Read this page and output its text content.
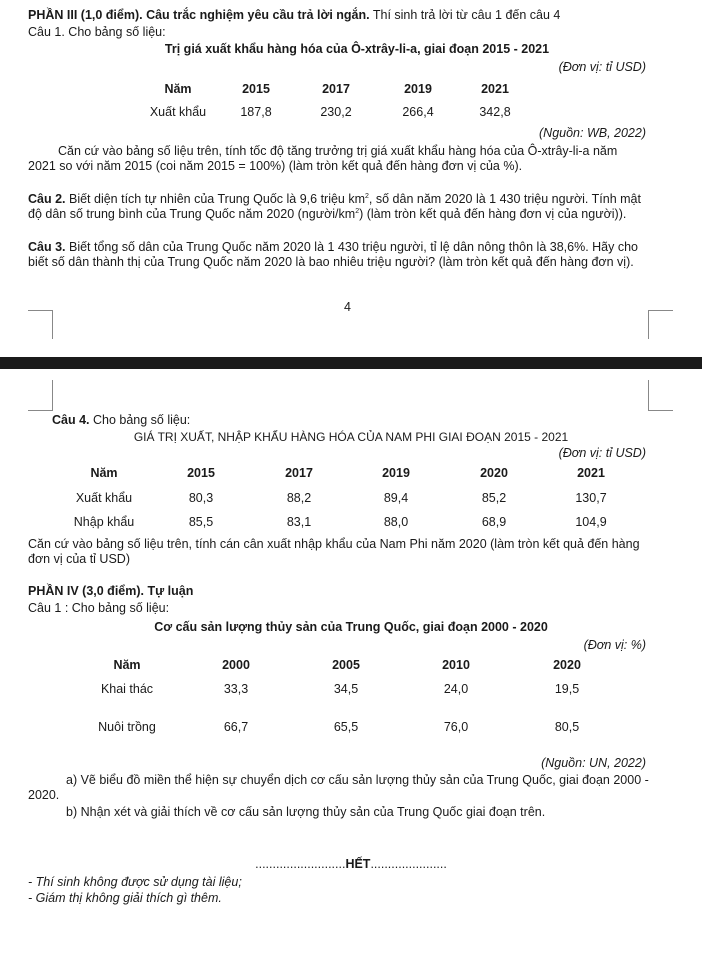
PHẦN III (1,0 điểm). Câu trắc nghiệm yêu cầu trả lời ngắn. Thí sinh trả lời từ câu 1 đến câu 4
Câu 1. Cho bảng số liệu:
Trị giá xuất khẩu hàng hóa của Ô-xtrây-li-a, giai đoạn 2015 - 2021
(Đơn vị: tỉ USD)
Năm	2015	2017	2019	2021
Xuất khẩu	187,8	230,2	266,4	342,8
(Nguồn: WB, 2022)
Căn cứ vào bảng số liệu trên, tính tốc độ tăng trưởng trị giá xuất khẩu hàng hóa của Ô-xtrây-li-a năm 2021 so với năm 2015 (coi năm 2015 = 100%) (làm tròn kết quả đến hàng đơn vị của %).
Câu 2. Biết diện tích tự nhiên của Trung Quốc là 9,6 triệu $km^2$, số dân năm 2020 là 1 430 triệu người. Tính mật độ dân số trung bình của Trung Quốc năm 2020 $(người/km^2)$ (làm tròn kết quả đến hàng đơn vị của người)).
Câu 3. Biết tổng số dân của Trung Quốc năm 2020 là 1 430 triệu người, tỉ lệ dân nông thôn là 38,6%. Hãy cho biết số dân thành thị của Trung Quốc năm 2020 là bao nhiêu triệu người? (làm tròn kết quả đến hàng đơn vị).
4
Câu 4. Cho bảng số liệu:
GIÁ TRỊ XUẤT, NHẬP KHẨU HÀNG HÓA CỦA NAM PHI GIAI ĐOẠN 2015 - 2021
(Đơn vị: tỉ USD)
Năm	2015	2017	2019	2020	2021
Xuất khẩu	80,3	88,2	89,4	85,2	130,7
Nhập khẩu	85,5	83,1	88,0	68,9	104,9
Căn cứ vào bảng số liệu trên, tính cán cân xuất nhập khẩu của Nam Phi năm 2020 (làm tròn kết quả đến hàng đơn vị của tỉ USD)
PHẦN IV (3,0 điểm). Tự luận
Câu 1 : Cho bảng số liệu:
Cơ cấu sản lượng thủy sản của Trung Quốc, giai đoạn 2000 - 2020
(Đơn vị: %)
Năm	2000	2005	2010	2020
Khai thác	33,3	34,5	24,0	19,5
Nuôi trồng	66,7	65,5	76,0	80,5
(Nguồn: UN, 2022)
a) Vẽ biểu đồ miền thể hiện sự chuyển dịch cơ cấu sản lượng thủy sản của Trung Quốc, giai đoạn 2000 - 2020.
b) Nhận xét và giải thích về cơ cấu sản lượng thủy sản của Trung Quốc giai đoạn trên.
..........................HẾT......................
- Thí sinh không được sử dụng tài liệu;
- Giám thị không giải thích gì thêm.
